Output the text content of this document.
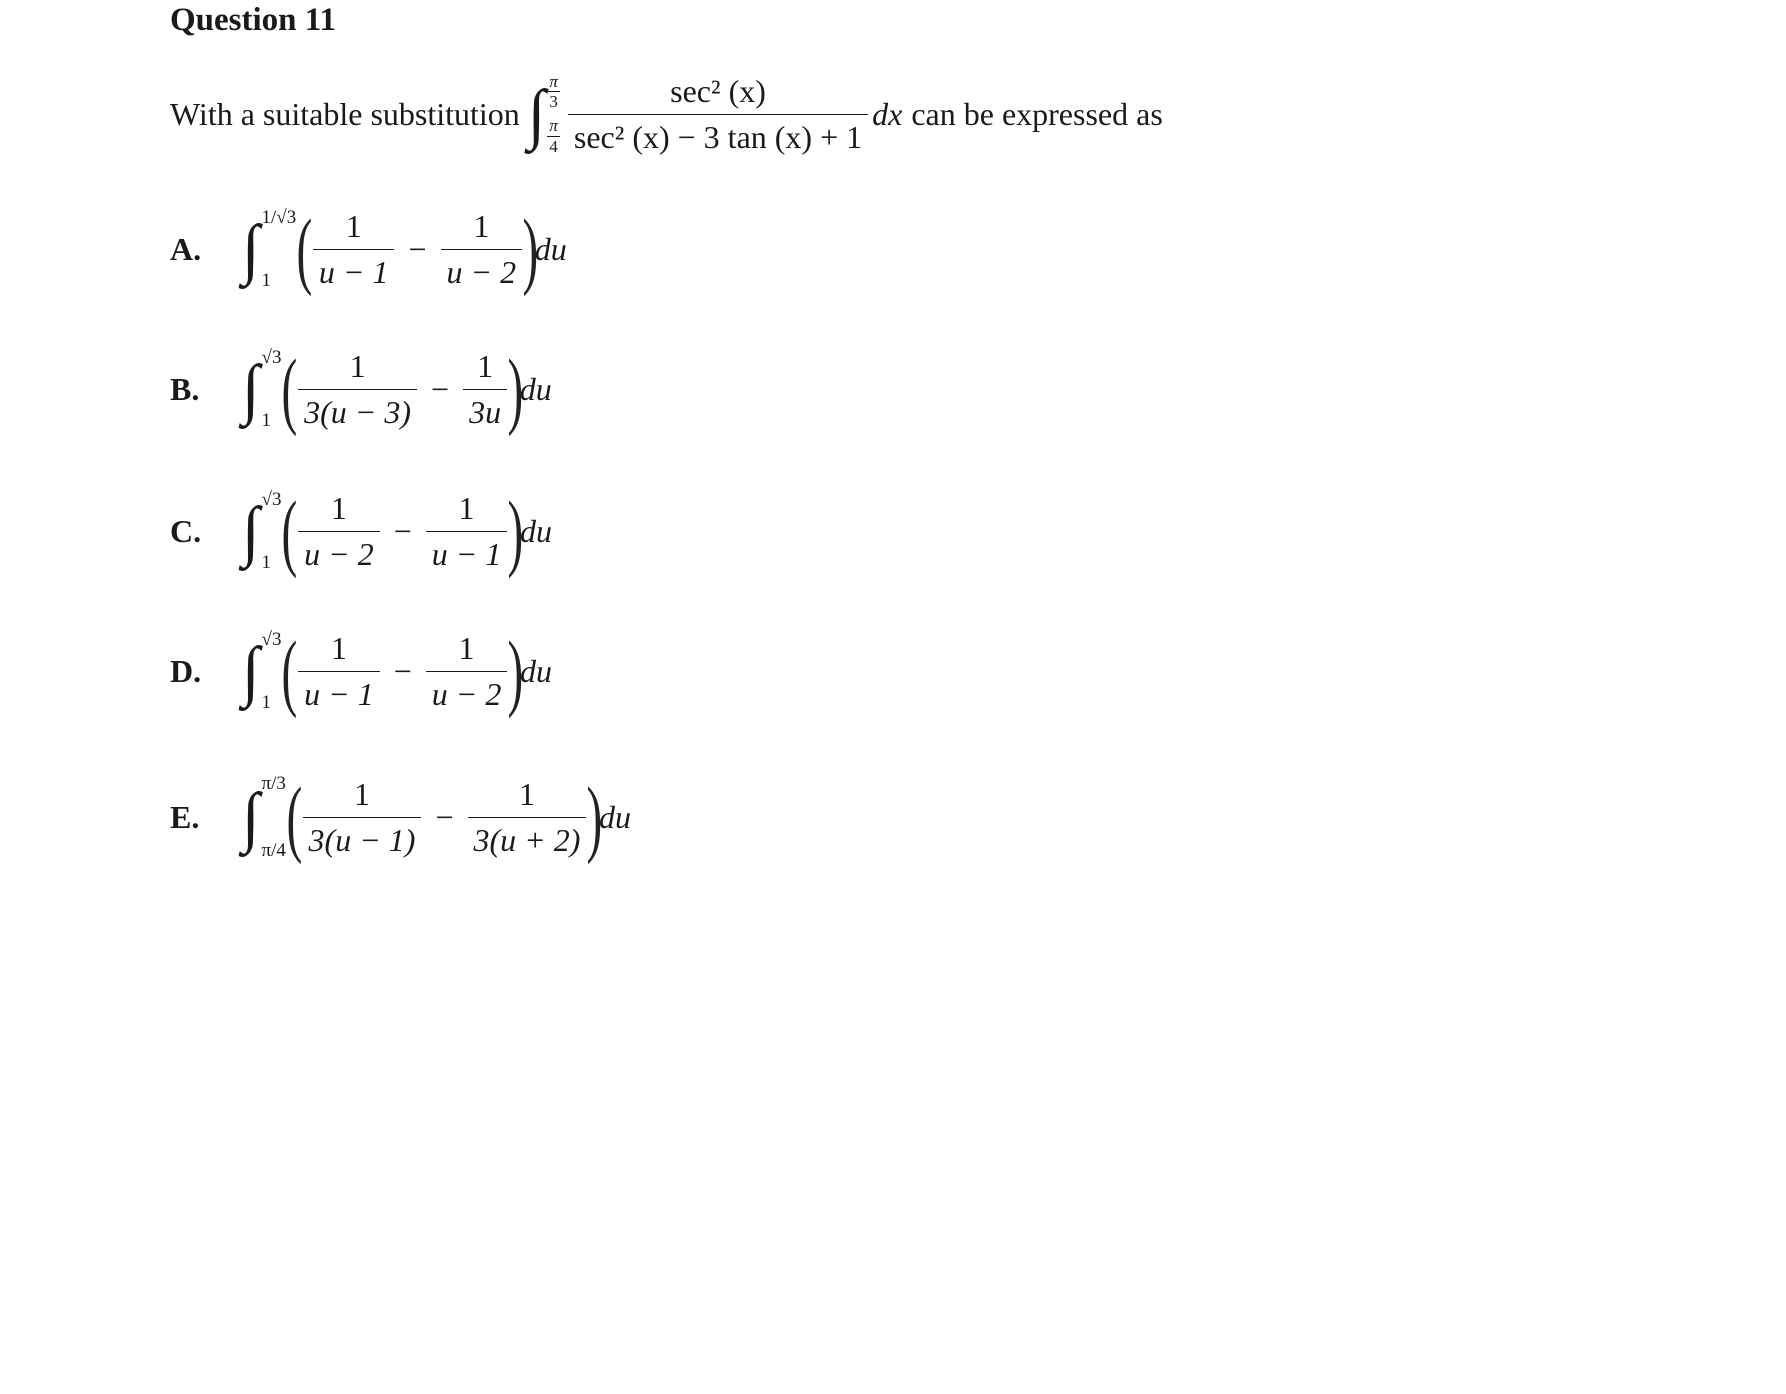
Question 11
With a suitable substitution ∫ π
3
π
$4 \frac{\text{sec² (x)}}{\text{sec² (x) − 3 tan (x) + 1}}$ dx can be expressed as
A. ∫ 1/√3
1 ( $\frac{1}{u - 1} - \frac{1}{u - 2}$ )
du
B. ∫ √3
1 ( $\frac{1}{3(u - 3)} - \frac{1}{3u}$ )
du
C. ∫ √3
1 ( $\frac{1}{u - 2} - \frac{1}{u - 1}$ )
du
D. ∫ √3
1 ( $\frac{1}{u - 1} - \frac{1}{u - 2}$ )
du
E. ∫ π/3
π/4 ( $\frac{1}{3(u - 1)} - \frac{1}{3(u + 2)}$ )
du
